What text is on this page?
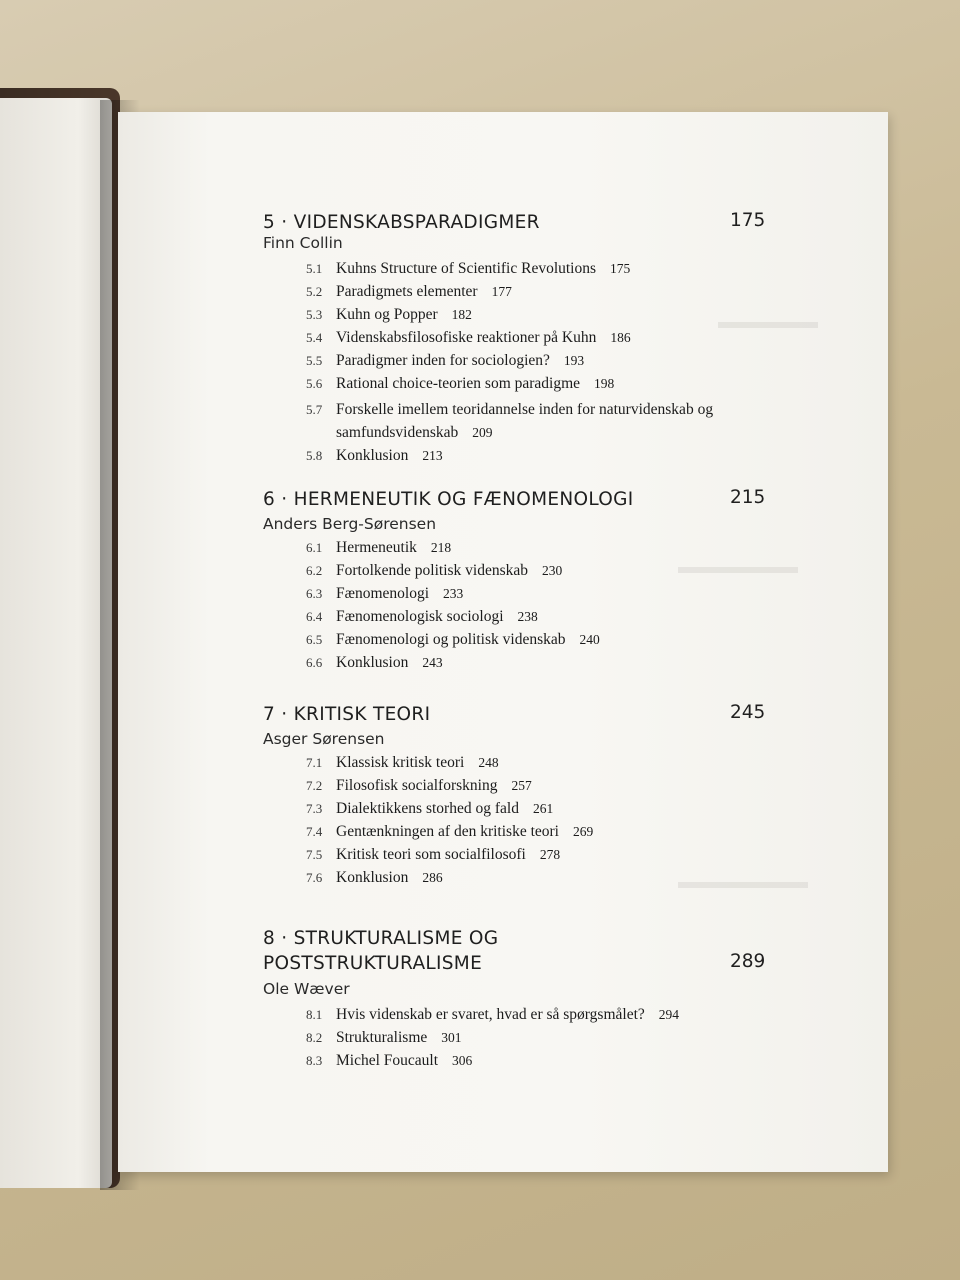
5 · VIDENSKABSPARADIGMER	175
Finn Collin
5.1 Kuhns Structure of Scientific Revolutions 175
5.2 Paradigmets elementer 177
5.3 Kuhn og Popper 182
5.4 Videnskabsfilosofiske reaktioner på Kuhn 186
5.5 Paradigmer inden for sociologien? 193
5.6 Rational choice-teorien som paradigme 198
5.7 Forskelle imellem teoridannelse inden for naturvidenskab og samfundsvidenskab 209
5.8 Konklusion 213
6 · HERMENEUTIK OG FÆNOMENOLOGI	215
Anders Berg-Sørensen
6.1 Hermeneutik 218
6.2 Fortolkende politisk videnskab 230
6.3 Fænomenologi 233
6.4 Fænomenologisk sociologi 238
6.5 Fænomenologi og politisk videnskab 240
6.6 Konklusion 243
7 · KRITISK TEORI	245
Asger Sørensen
7.1 Klassisk kritisk teori 248
7.2 Filosofisk socialforskning 257
7.3 Dialektikkens storhed og fald 261
7.4 Gentænkningen af den kritiske teori 269
7.5 Kritisk teori som socialfilosofi 278
7.6 Konklusion 286
8 · STRUKTURALISME OG
POSTSTRUKTURALISME	289
Ole Wæver
8.1 Hvis videnskab er svaret, hvad er så spørgsmålet? 294
8.2 Strukturalisme 301
8.3 Michel Foucault 306
